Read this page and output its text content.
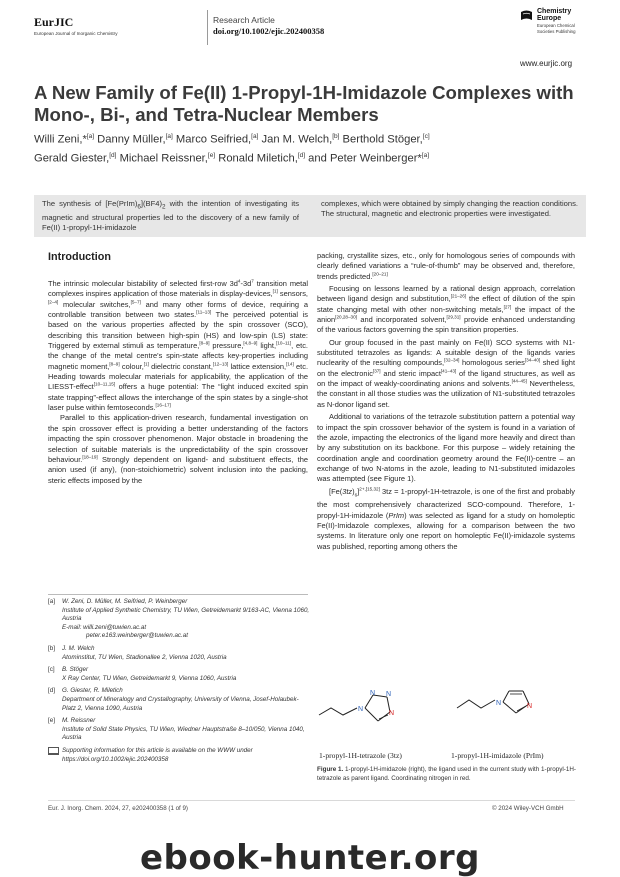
EurJIC
European Journal of Inorganic Chemistry
Research Article
doi.org/10.1002/ejic.202400358
Chemistry
Europe
European Chemical
Societies Publishing
www.eurjic.org
A New Family of Fe(II) 1-Propyl-1H-Imidazole Complexes with Mono-, Bi-, and Tetra-Nuclear Members
Willi Zeni,*[a] Danny Müller,[a] Marco Seifried,[a] Jan M. Welch,[b] Berthold Stöger,[c]
Gerald Giester,[d] Michael Reissner,[e] Ronald Miletich,[d] and Peter Weinberger*[a]
The synthesis of $[Fe(PrIm)_6](BF4)_2$ with the intention of investigating its magnetic and structural properties led to the discovery of a new family of Fe(II) 1-propyl-1H-imidazole
complexes, which were obtained by simply changing the reaction conditions. The structural, magnetic and electronic properties were investigated.
Introduction

The intrinsic molecular bistability of selected first-row $3d^4-3d^7$ transition metal complexes inspires application of those materials in display-devices,[1] sensors,[2–4] molecular switches,[5–7] and many other forms of device, requiring a controllable transition between two states.[11–13] The perceived potential is based on the various properties affected by the spin crossover (SCO), describing this transition between high-spin (HS) and low-spin (LS) state: Triggered by external stimuli as temperature,[8–9] pressure,[4,8–9] light,[10–11], etc. the change of the metal centre's spin-state affects key-properties including magnetic moment,[8–9] colour,[1] dielectric constant,[12–13] lattice extension,[14] etc. Heading towards molecular materials for applicability, the application of the LIESST-effect[10–11,15] offers a huge potential: The “light induced excited spin state trapping”-effect allows the interchange of the spin states by a single-shot laser pulse within femtoseconds.[16–17]

Parallel to this application-driven research, fundamental investigation on the spin crossover effect is providing a better understanding of the factors impacting the spin crossover phenomenon. Major obstacle in broadening the selection of suitable materials is the unpredictability of the spin crossover behaviour.[18–19] Strongly dependent on ligand- and substituent effects, the anion used (if any), (non-stoichiometric) solvent inclusion into the packing, steric effects imposed by the

[a]	W. Zeni, D. Müller, M. Seifried, P. Weinberger
Institute of Applied Synthetic Chemistry, TU Wien, Getreidemarkt 9/163-AC, Vienna 1060, Austria
E-mail: willi.zeni@tuwien.ac.at
peter.e163.weinberger@tuwien.ac.at
[b]	J. M. Welch
Atominstitut, TU Wien, Stadionallee 2, Vienna 1020, Austria
[c]	B. Stöger
X Ray Center, TU Wien, Getreidemarkt 9, Vienna 1060, Austria
[d]	G. Giester, R. Miletich
Department of Mineralogy and Crystallography, University of Vienna, Josef-Holaubek-Platz 2, Vienna 1090, Austria
[e]	M. Reissner
Institute of Solid State Physics, TU Wien, Wiedner Hauptstraße 8–10/050, Vienna 1040, Austria
Supporting information for this article is available on the WWW under https://doi.org/10.1002/ejic.202400358

packing, crystallite sizes, etc., only for homologous series of compounds with clearly defined variations a “rule-of-thumb” may be observed and, therefore, trends predicted.[20–21]

Focusing on lessons learned by a rational design approach, correlation between ligand design and substitution,[21–26] the effect of dilution of the spin state changing metal with other non-switching metals,[27] the impact of the anion[20,28–30] and incorporated solvent,[29,31] provide enhanced understanding of the various factors governing the spin transition properties.

Our group focused in the past mainly on Fe(II) SCO systems with N1-substituted tetrazoles as ligands: A suitable design of the ligands varies nuclearity of the resulting compounds,[32–34] homologous series[34–40] shed light on the electronic[37] and steric impact[41–43] of the ligand structures, as well as on the impact of weakly-coordinating anions and solvents.[44–45] Nevertheless, the constant in all those studies was the utilization of N1-substituted tetrazoles as N-donor ligand set.

Additional to variations of the tetrazole substitution pattern a potential way to impact the spin crossover behavior of the system is found in a variation of the azole, impacting the electronics of the ligand more heavily and direct than by any substitution on its backbone. For this purpose – widely retaining the coordination angle and coordination geometry around the Fe(II)-centre – an exchange of two N-atoms in the azole, leading to N1-substituted imidazoles was attempted (see Figure 1).

$[Fe(3tz)_6]^{2+,[15,32]}$ 3tz = 1-propyl-1H-tetrazole, is one of the first and probably the most comprehensively characterized SCO-compound. Therefore, 1-propyl-1H-imidazole (PrIm) was selected as ligand for a study on homoleptic Fe(II)-Imidazole complexes, allowing for a comparison between the two systems. In literature only one report on homoleptic Fe(II)-imidazole systems was published, reporting among others the

N
N N
N
N	N
1-propyl-1H-tetrazole (3tz)	1-propyl-1H-imidazole (PrIm)
Figure 1. 1-propyl-1H-imidazole (right), the ligand used in the current study with 1-propyl-1H-tetrazole as parent ligand. Coordinating nitrogen in red.
Eur. J. Inorg. Chem. 2024, 27, e202400358 (1 of 9)	© 2024 Wiley-VCH GmbH
ebook-hunter.org
